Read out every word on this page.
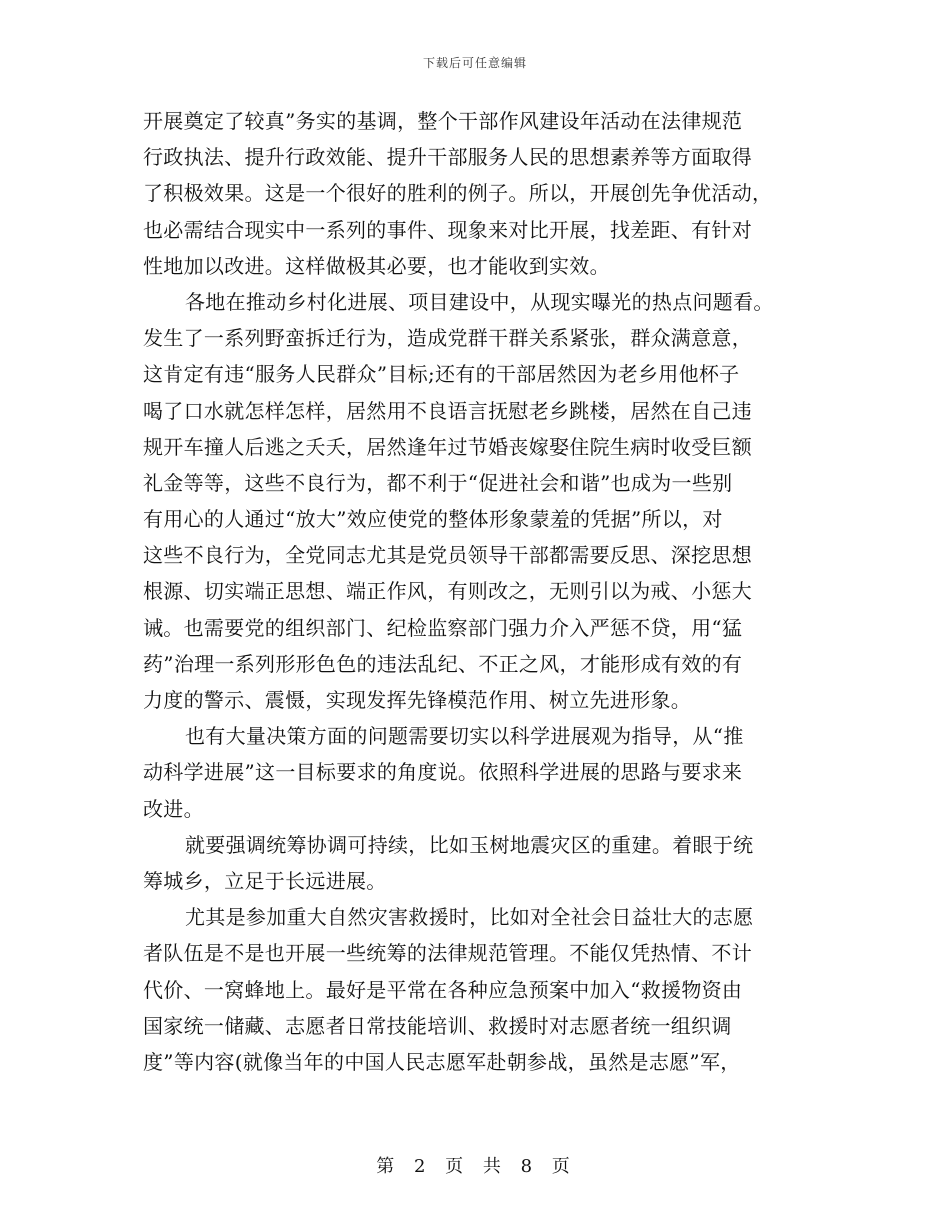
下载后可任意编辑
开展奠定了较真”务实的基调，整个干部作风建设年活动在法律规范
行政执法、提升行政效能、提升干部服务人民的思想素养等方面取得
了积极效果。这是一个很好的胜利的例子。所以，开展创先争优活动，
也必需结合现实中一系列的事件、现象来对比开展，找差距、有针对
性地加以改进。这样做极其必要，也才能收到实效。
各地在推动乡村化进展、项目建设中，从现实曝光的热点问题看。
发生了一系列野蛮拆迁行为，造成党群干群关系紧张，群众满意意，
这肯定有违“服务人民群众”目标;还有的干部居然因为老乡用他杯子
喝了口水就怎样怎样，居然用不良语言抚慰老乡跳楼，居然在自己违
规开车撞人后逃之夭夭，居然逢年过节婚丧嫁娶住院生病时收受巨额
礼金等等，这些不良行为，都不利于“促进社会和谐”也成为一些别
有用心的人通过“放大”效应使党的整体形象蒙羞的凭据”所以，对
这些不良行为，全党同志尤其是党员领导干部都需要反思、深挖思想
根源、切实端正思想、端正作风，有则改之，无则引以为戒、小惩大
诫。也需要党的组织部门、纪检监察部门强力介入严惩不贷，用“猛
药”治理一系列形形色色的违法乱纪、不正之风，才能形成有效的有
力度的警示、震慑，实现发挥先锋模范作用、树立先进形象。
也有大量决策方面的问题需要切实以科学进展观为指导，从“推
动科学进展”这一目标要求的角度说。依照科学进展的思路与要求来
改进。
就要强调统筹协调可持续，比如玉树地震灾区的重建。着眼于统
筹城乡，立足于长远进展。
尤其是参加重大自然灾害救援时，比如对全社会日益壮大的志愿
者队伍是不是也开展一些统筹的法律规范管理。不能仅凭热情、不计
代价、一窝蜂地上。最好是平常在各种应急预案中加入“救援物资由
国家统一储藏、志愿者日常技能培训、救援时对志愿者统一组织调
度”等内容(就像当年的中国人民志愿军赴朝参战，虽然是志愿”军，
第 2 页 共 8 页
